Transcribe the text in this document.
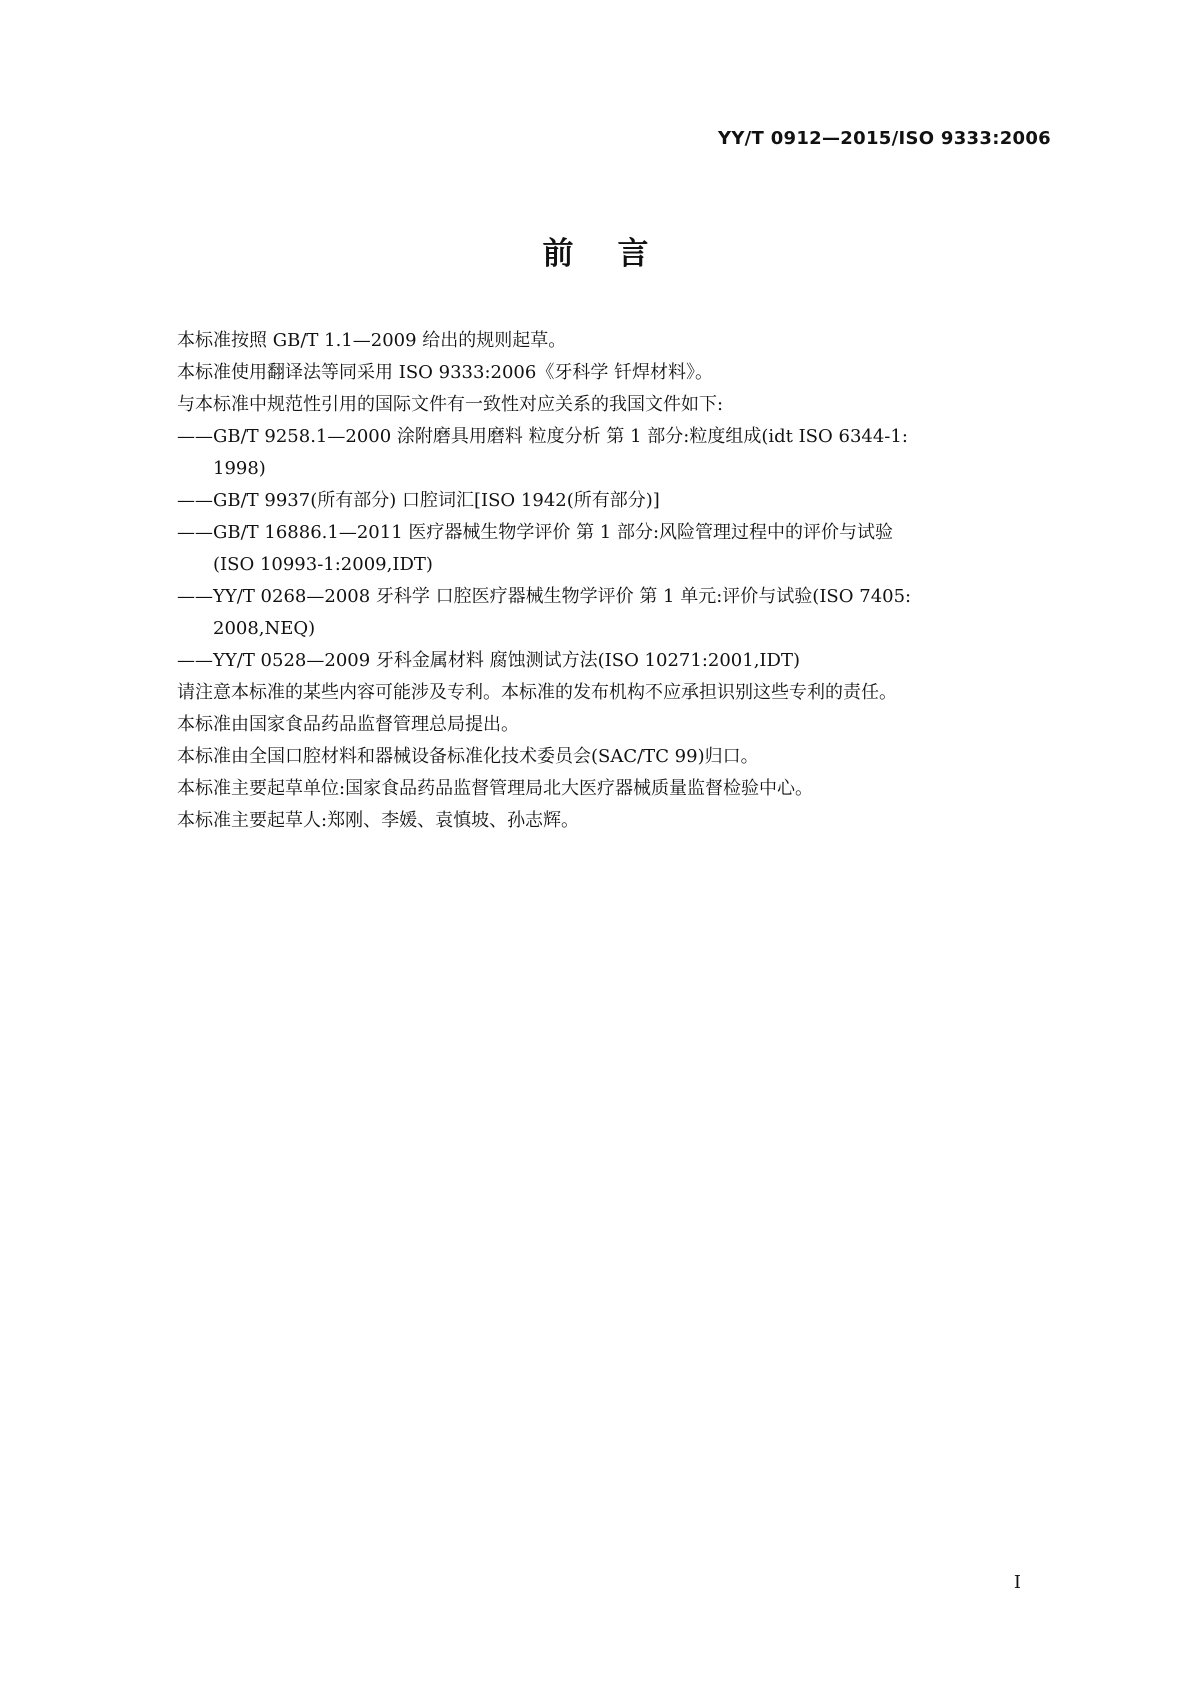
YY/T 0912—2015/ISO 9333:2006
前言

本标准按照 GB/T 1.1—2009 给出的规则起草。

本标准使用翻译法等同采用 ISO 9333:2006《牙科学 钎焊材料》。

与本标准中规范性引用的国际文件有一致性对应关系的我国文件如下:

——GB/T 9258.1—2000 涂附磨具用磨料 粒度分析 第 1 部分:粒度组成(idt ISO 6344-1:
1998)
——GB/T 9937(所有部分) 口腔词汇[ISO 1942(所有部分)]
——GB/T 16886.1—2011 医疗器械生物学评价 第 1 部分:风险管理过程中的评价与试验
(ISO 10993-1:2009,IDT)
——YY/T 0268—2008 牙科学 口腔医疗器械生物学评价 第 1 单元:评价与试验(ISO 7405:
2008,NEQ)
——YY/T 0528—2009 牙科金属材料 腐蚀测试方法(ISO 10271:2001,IDT)

请注意本标准的某些内容可能涉及专利。本标准的发布机构不应承担识别这些专利的责任。

本标准由国家食品药品监督管理总局提出。

本标准由全国口腔材料和器械设备标准化技术委员会(SAC/TC 99)归口。

本标准主要起草单位:国家食品药品监督管理局北大医疗器械质量监督检验中心。

本标准主要起草人:郑刚、李媛、袁慎坡、孙志辉。

I
